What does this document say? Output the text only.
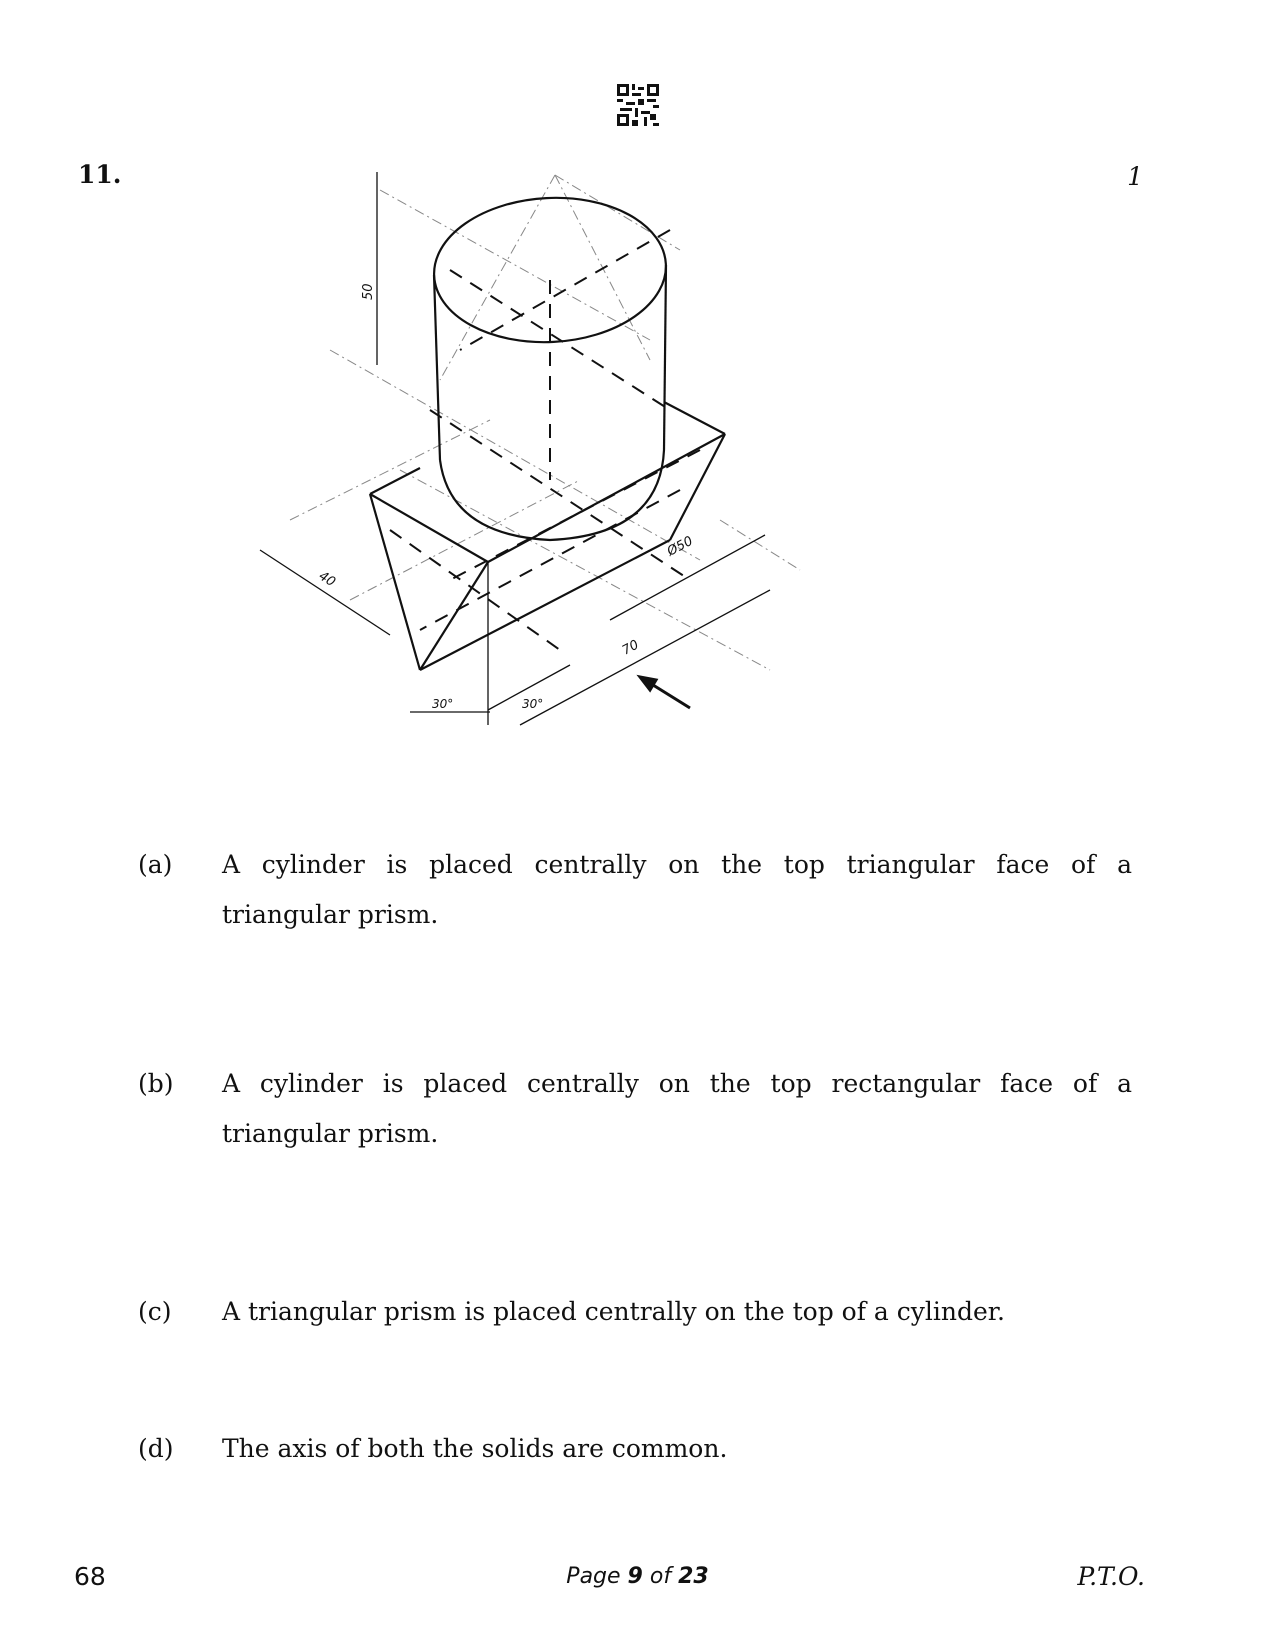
11.	1
50
40
Ø50
70
30°	30°
(a) A cylinder is placed centrally on the top triangular face of a
triangular prism.
(b) A cylinder is placed centrally on the top rectangular face of a
triangular prism.
(c) A triangular prism is placed centrally on the top of a cylinder.
(d) The axis of both the solids are common.
68	Page 9 of 23	P.T.O.
